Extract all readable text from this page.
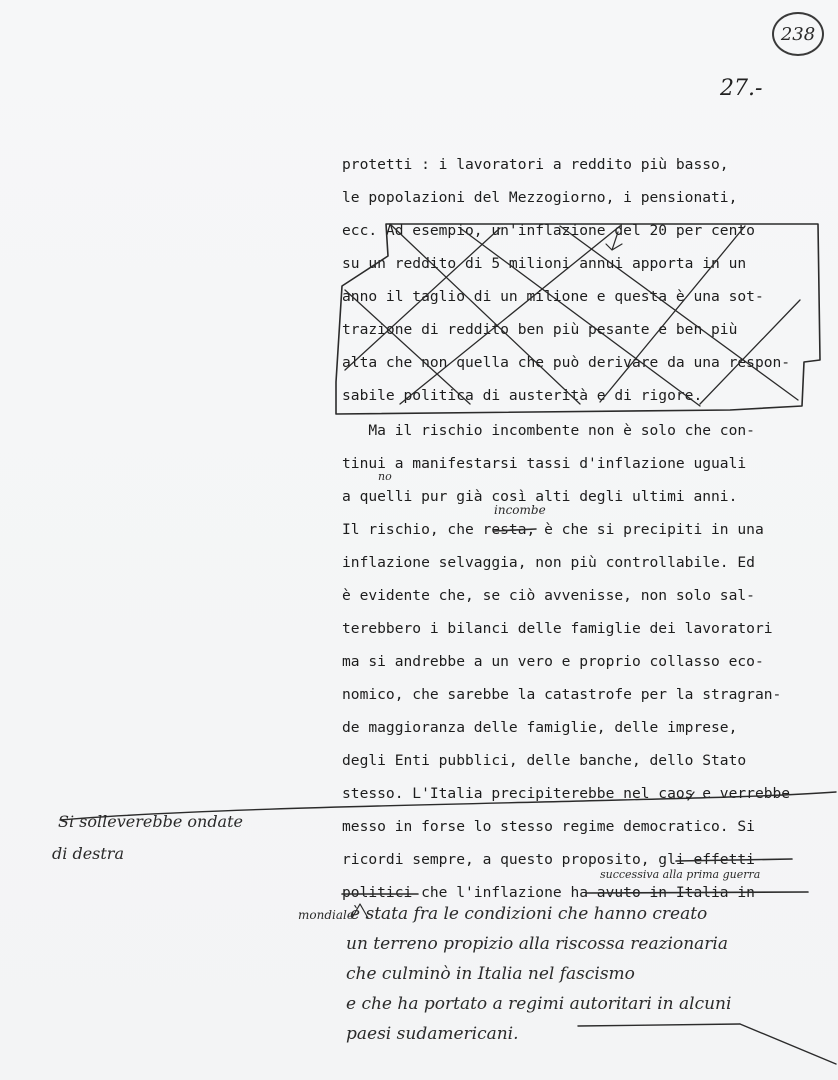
238
27.-
protetti : i lavoratori a reddito più basso,
le popolazioni del Mezzogiorno, i pensionati,
ecc. Ad esempio, un'inflazione del 20 per cento
su un reddito di 5 milioni annui apporta in un
anno il taglio di un milione e questa è una sot-
trazione di reddito ben più pesante e ben più
alta che non quella che può derivare da una respon-
sabile politica di austerità e di rigore.
Ma il rischio incombente non è solo che con-
tinui a manifestarsi tassi d'inflazione uguali
a quelli pur già così alti degli ultimi anni.
Il rischio, che resta, è che si precipiti in una
inflazione selvaggia, non più controllabile. Ed
è evidente che, se ciò avvenisse, non solo sal-
terebbero i bilanci delle famiglie dei lavoratori
ma si andrebbe a un vero e proprio collasso eco-
nomico, che sarebbe la catastrofe per la stragran-
de maggioranza delle famiglie, delle imprese,
degli Enti pubblici, delle banche, dello Stato
stesso. L'Italia precipiterebbe nel caos e verrebbe
messo in forse lo stesso regime democratico. Si
ricordi sempre, a questo proposito, gli effetti
politici che l'inflazione ha avuto in Italia in
no
incombe
Si solleverebbe ondate
di destra
successiva alla prima guerra
mondiale
è stata fra le condizioni che hanno creato
un terreno propizio alla riscossa reazionaria
che culminò in Italia nel fascismo
e che ha portato a regimi autoritari in alcuni
paesi sudamericani.
